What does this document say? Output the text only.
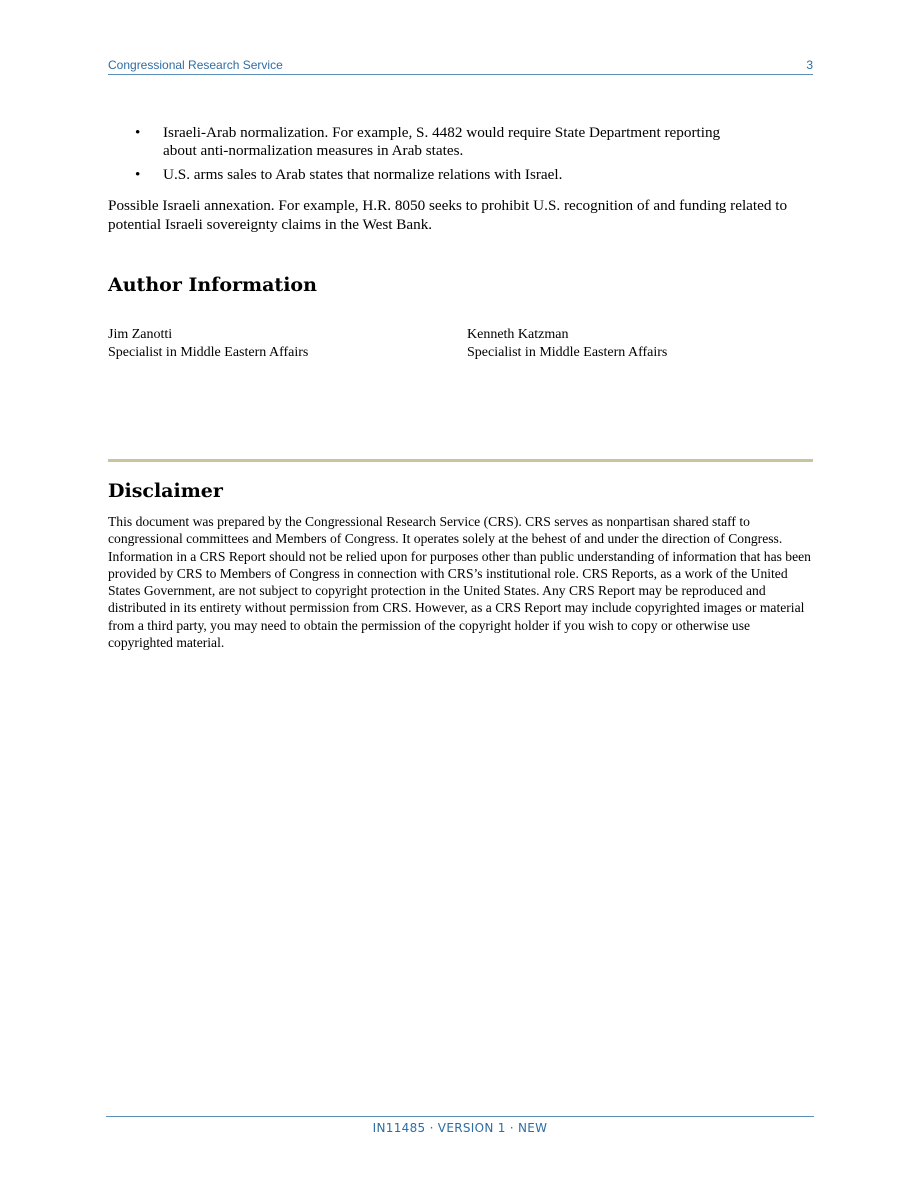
Congressional Research Service	3
• Israeli-Arab normalization. For example, S. 4482 would require State Department reporting about anti-normalization measures in Arab states.
• U.S. arms sales to Arab states that normalize relations with Israel.

Possible Israeli annexation. For example, H.R. 8050 seeks to prohibit U.S. recognition of and funding related to potential Israeli sovereignty claims in the West Bank.

Author Information
Jim Zanotti
Specialist in Middle Eastern Affairs
Kenneth Katzman
Specialist in Middle Eastern Affairs
Disclaimer

This document was prepared by the Congressional Research Service (CRS). CRS serves as nonpartisan shared staff to congressional committees and Members of Congress. It operates solely at the behest of and under the direction of Congress. Information in a CRS Report should not be relied upon for purposes other than public understanding of information that has been provided by CRS to Members of Congress in connection with CRS’s institutional role. CRS Reports, as a work of the United States Government, are not subject to copyright protection in the United States. Any CRS Report may be reproduced and distributed in its entirety without permission from CRS. However, as a CRS Report may include copyrighted images or material from a third party, you may need to obtain the permission of the copyright holder if you wish to copy or otherwise use copyrighted material.

IN11485 · VERSION 1 · NEW
